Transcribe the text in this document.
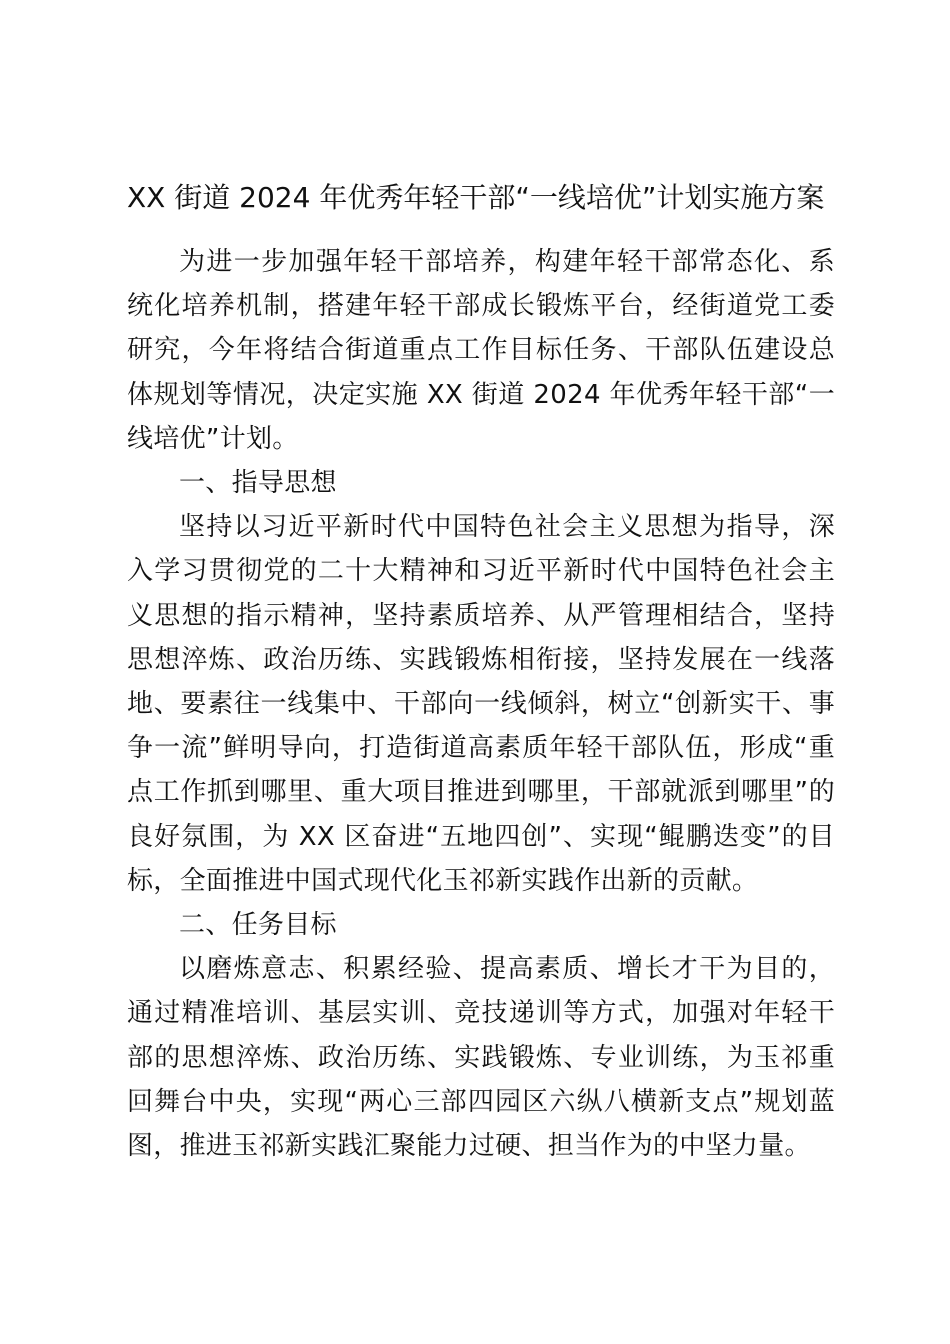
XX 街道 2024 年优秀年轻干部“一线培优”计划实施方案

为进一步加强年轻干部培养，构建年轻干部常态化、系统化培养机制，搭建年轻干部成长锻炼平台，经街道党工委研究，今年将结合街道重点工作目标任务、干部队伍建设总体规划等情况，决定实施 XX 街道 2024 年优秀年轻干部“一线培优”计划。

一、指导思想

坚持以习近平新时代中国特色社会主义思想为指导，深入学习贯彻党的二十大精神和习近平新时代中国特色社会主义思想的指示精神，坚持素质培养、从严管理相结合，坚持思想淬炼、政治历练、实践锻炼相衔接，坚持发展在一线落地、要素往一线集中、干部向一线倾斜，树立“创新实干、事争一流”鲜明导向，打造街道高素质年轻干部队伍，形成“重点工作抓到哪里、重大项目推进到哪里，干部就派到哪里”的良好氛围，为 XX 区奋进“五地四创”、实现“鲲鹏迭变”的目标，全面推进中国式现代化玉祁新实践作出新的贡献。

二、任务目标

以磨炼意志、积累经验、提高素质、增长才干为目的，通过精准培训、基层实训、竞技递训等方式，加强对年轻干部的思想淬炼、政治历练、实践锻炼、专业训练，为玉祁重回舞台中央，实现“两心三部四园区六纵八横新支点”规划蓝图，推进玉祁新实践汇聚能力过硬、担当作为的中坚力量。
